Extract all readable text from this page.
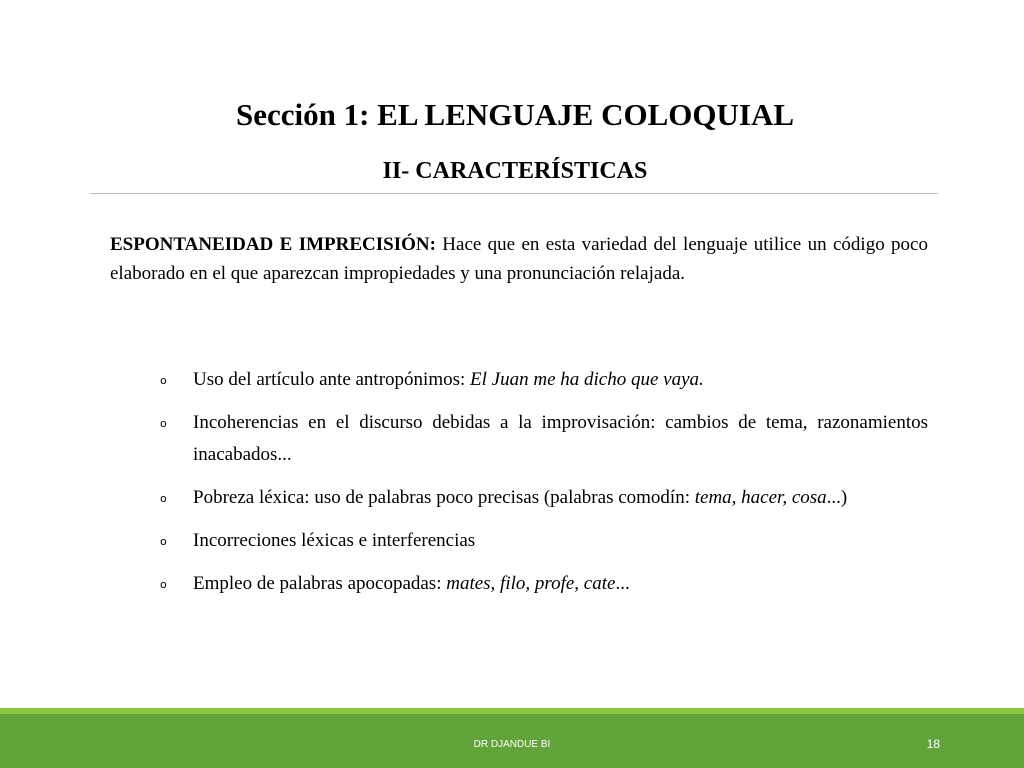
Sección 1: EL LENGUAJE COLOQUIAL
II- CARACTERÍSTICAS

ESPONTANEIDAD E IMPRECISIÓN: Hace que en esta variedad del lenguaje utilice un código poco elaborado en el que aparezcan impropiedades y una pronunciación relajada.

o Uso del artículo ante antropónimos: El Juan me ha dicho que vaya.
o Incoherencias en el discurso debidas a la improvisación: cambios de tema, razonamientos inacabados...
o Pobreza léxica: uso de palabras poco precisas (palabras comodín: tema, hacer, cosa...)
o Incorreciones léxicas e interferencias
o Empleo de palabras apocopadas: mates, filo, profe, cate...
DR DJANDUE BI	18
